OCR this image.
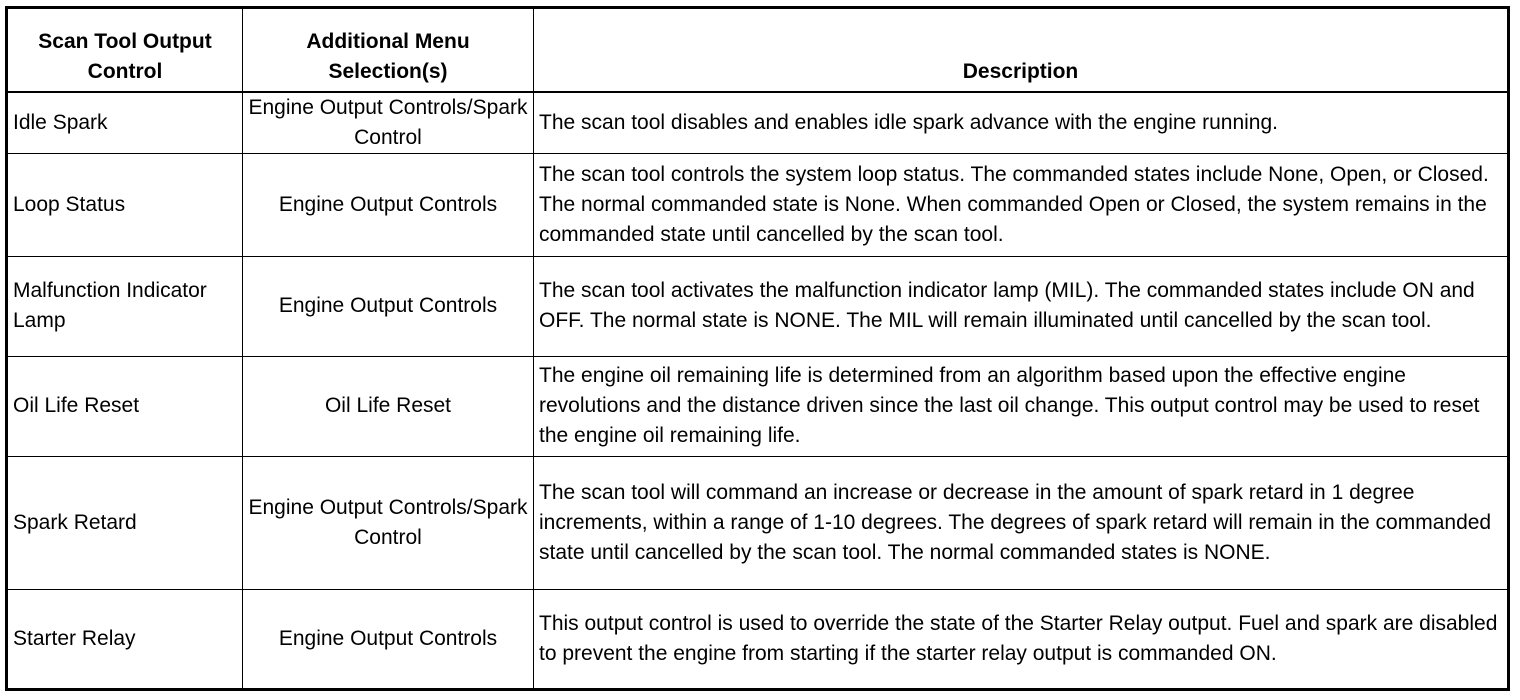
Scan Tool Output Control	Additional Menu Selection(s)	Description
Idle Spark	Engine Output Controls/Spark Control	The scan tool disables and enables idle spark advance with the engine running.
Loop Status	Engine Output Controls	The scan tool controls the system loop status. The commanded states include None, Open, or Closed. The normal commanded state is None. When commanded Open or Closed, the system remains in the commanded state until cancelled by the scan tool.
Malfunction Indicator Lamp	Engine Output Controls	The scan tool activates the malfunction indicator lamp (MIL). The commanded states include ON and OFF. The normal state is NONE. The MIL will remain illuminated until cancelled by the scan tool.
Oil Life Reset	Oil Life Reset	The engine oil remaining life is determined from an algorithm based upon the effective engine revolutions and the distance driven since the last oil change. This output control may be used to reset the engine oil remaining life.
Spark Retard	Engine Output Controls/Spark Control	The scan tool will command an increase or decrease in the amount of spark retard in 1 degree increments, within a range of 1-10 degrees. The degrees of spark retard will remain in the commanded state until cancelled by the scan tool. The normal commanded states is NONE.
Starter Relay	Engine Output Controls	This output control is used to override the state of the Starter Relay output. Fuel and spark are disabled to prevent the engine from starting if the starter relay output is commanded ON.
